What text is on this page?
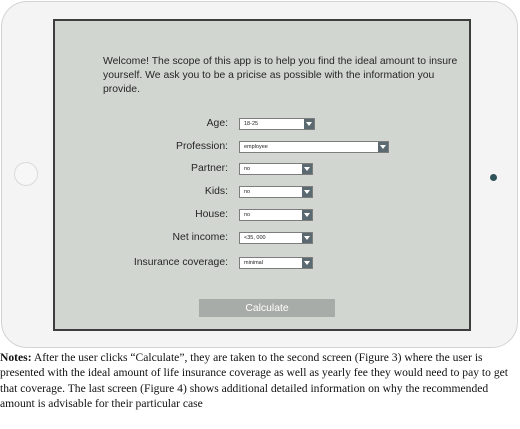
Welcome! The scope of this app is to help you find the ideal amount to insure yourself. We ask you to be a pricise as possible with the information you provide.

Age:	18-25
Profession:	employee
Partner:	no
Kids:	no
House:	no
Net income:	<35, 000
Insurance coverage:	minimal
Calculate

Notes: After the user clicks “Calculate”, they are taken to the second screen (Figure 3) where the user is presented with the ideal amount of life insurance coverage as well as yearly fee they would need to pay to get that coverage. The last screen (Figure 4) shows additional detailed information on why the recommended amount is advisable for their particular case
